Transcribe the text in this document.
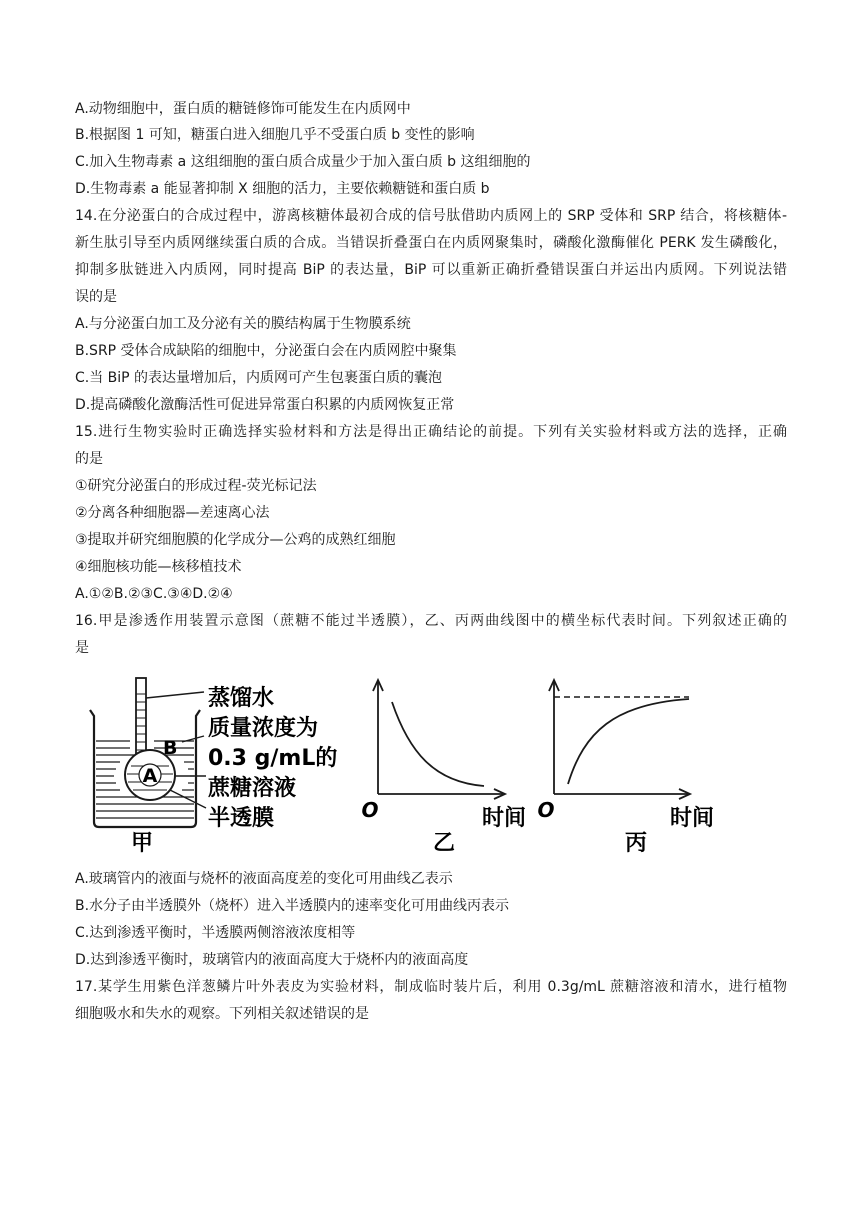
A.动物细胞中，蛋白质的糖链修饰可能发生在内质网中
B.根据图 1 可知，糖蛋白进入细胞几乎不受蛋白质 b 变性的影响
C.加入生物毒素 a 这组细胞的蛋白质合成量少于加入蛋白质 b 这组细胞的
D.生物毒素 a 能显著抑制 X 细胞的活力，主要依赖糖链和蛋白质 b
14.在分泌蛋白的合成过程中，游离核糖体最初合成的信号肽借助内质网上的 SRP 受体和 SRP 结合，将核糖体-
新生肽引导至内质网继续蛋白质的合成。当错误折叠蛋白在内质网聚集时，磷酸化激酶催化 PERK 发生磷酸化，
抑制多肽链进入内质网，同时提高 BiP 的表达量，BiP 可以重新正确折叠错误蛋白并运出内质网。下列说法错
误的是
A.与分泌蛋白加工及分泌有关的膜结构属于生物膜系统
B.SRP 受体合成缺陷的细胞中，分泌蛋白会在内质网腔中聚集
C.当 BiP 的表达量增加后，内质网可产生包裹蛋白质的囊泡
D.提高磷酸化激酶活性可促进异常蛋白积累的内质网恢复正常
15.进行生物实验时正确选择实验材料和方法是得出正确结论的前提。下列有关实验材料或方法的选择，正确
的是
①研究分泌蛋白的形成过程-荧光标记法
②分离各种细胞器—差速离心法
③提取并研究细胞膜的化学成分—公鸡的成熟红细胞
④细胞核功能—核移植技术
A.①②B.②③C.③④D.②④
16.甲是渗透作用装置示意图（蔗糖不能过半透膜），乙、丙两曲线图中的横坐标代表时间。下列叙述正确的
是
A
B
蒸馏水
质量浓度为
0.3 g/mL的
蔗糖溶液
半透膜
甲
O	时间
乙
O	时间
丙
A.玻璃管内的液面与烧杯的液面高度差的变化可用曲线乙表示
B.水分子由半透膜外（烧杯）进入半透膜内的速率变化可用曲线丙表示
C.达到渗透平衡时，半透膜两侧溶液浓度相等
D.达到渗透平衡时，玻璃管内的液面高度大于烧杯内的液面高度
17.某学生用紫色洋葱鳞片叶外表皮为实验材料，制成临时装片后，利用 0.3g/mL 蔗糖溶液和清水，进行植物
细胞吸水和失水的观察。下列相关叙述错误的是
